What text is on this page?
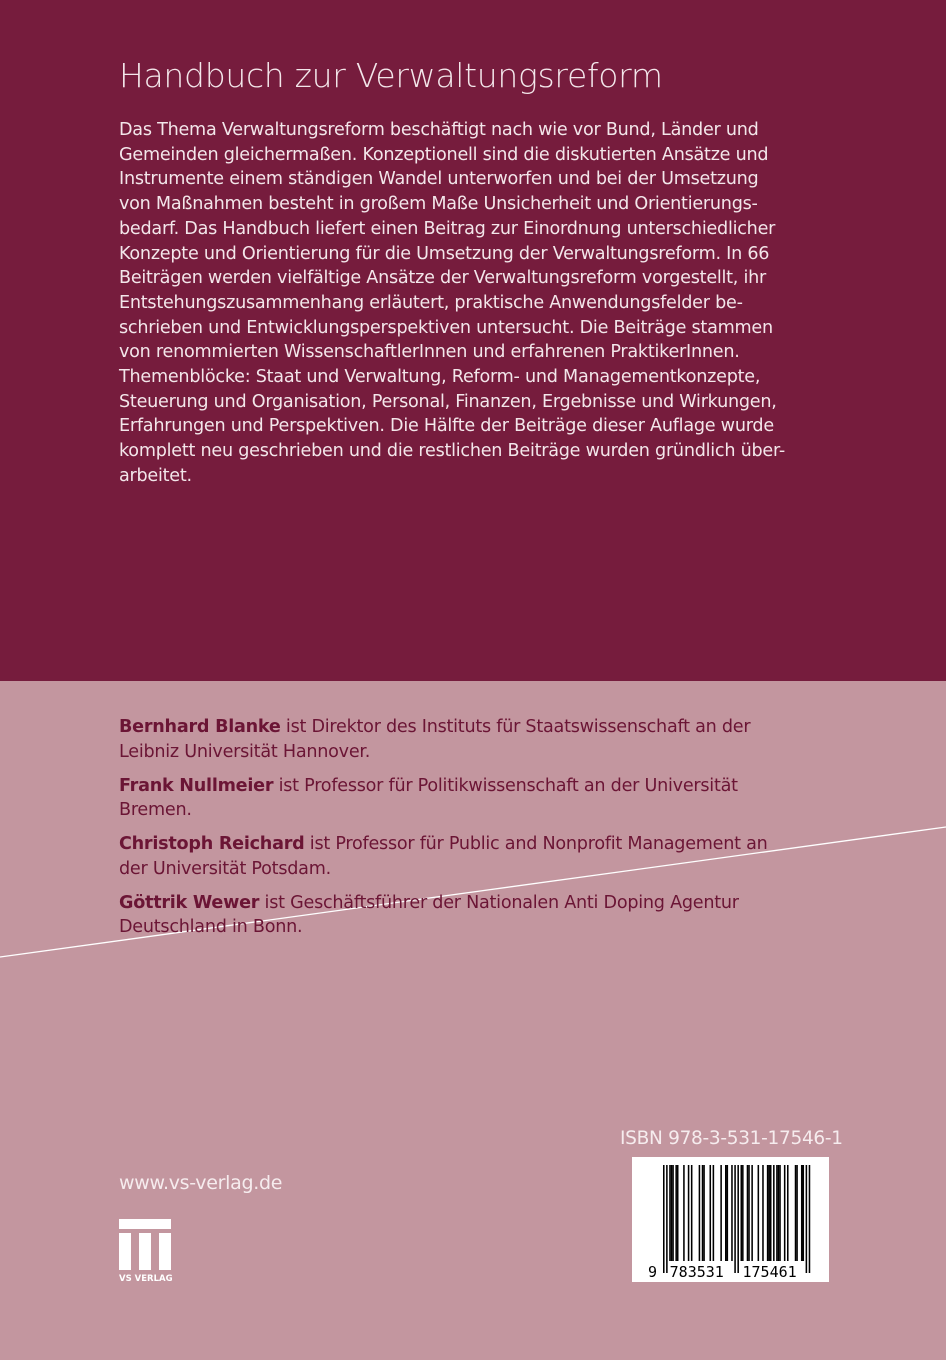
Handbuch zur Verwaltungsreform
Das Thema Verwaltungsreform beschäftigt nach wie vor Bund, Länder und
Gemeinden gleichermaßen. Konzeptionell sind die diskutierten Ansätze und
Instrumente einem ständigen Wandel unterworfen und bei der Umsetzung
von Maßnahmen besteht in großem Maße Unsicherheit und Orientierungs-
bedarf. Das Handbuch liefert einen Beitrag zur Einordnung unterschiedlicher
Konzepte und Orientierung für die Umsetzung der Verwaltungsreform. In 66
Beiträgen werden vielfältige Ansätze der Verwaltungsreform vorgestellt, ihr
Entstehungszusammenhang erläutert, praktische Anwendungsfelder be-
schrieben und Entwicklungsperspektiven untersucht. Die Beiträge stammen
von renommierten WissenschaftlerInnen und erfahrenen PraktikerInnen.
Themenblöcke: Staat und Verwaltung, Reform- und Managementkonzepte,
Steuerung und Organisation, Personal, Finanzen, Ergebnisse und Wirkungen,
Erfahrungen und Perspektiven. Die Hälfte der Beiträge dieser Auflage wurde
komplett neu geschrieben und die restlichen Beiträge wurden gründlich über-
arbeitet.
Bernhard Blanke ist Direktor des Instituts für Staatswissenschaft an der
Leibniz Universität Hannover.
Frank Nullmeier ist Professor für Politikwissenschaft an der Universität
Bremen.
Christoph Reichard ist Professor für Public and Nonprofit Management an
der Universität Potsdam.
Göttrik Wewer ist Geschäftsführer der Nationalen Anti Doping Agentur
Deutschland in Bonn.
www.vs-verlag.de
VS VERLAG
ISBN 978-3-531-17546-1
9 783531 175461
